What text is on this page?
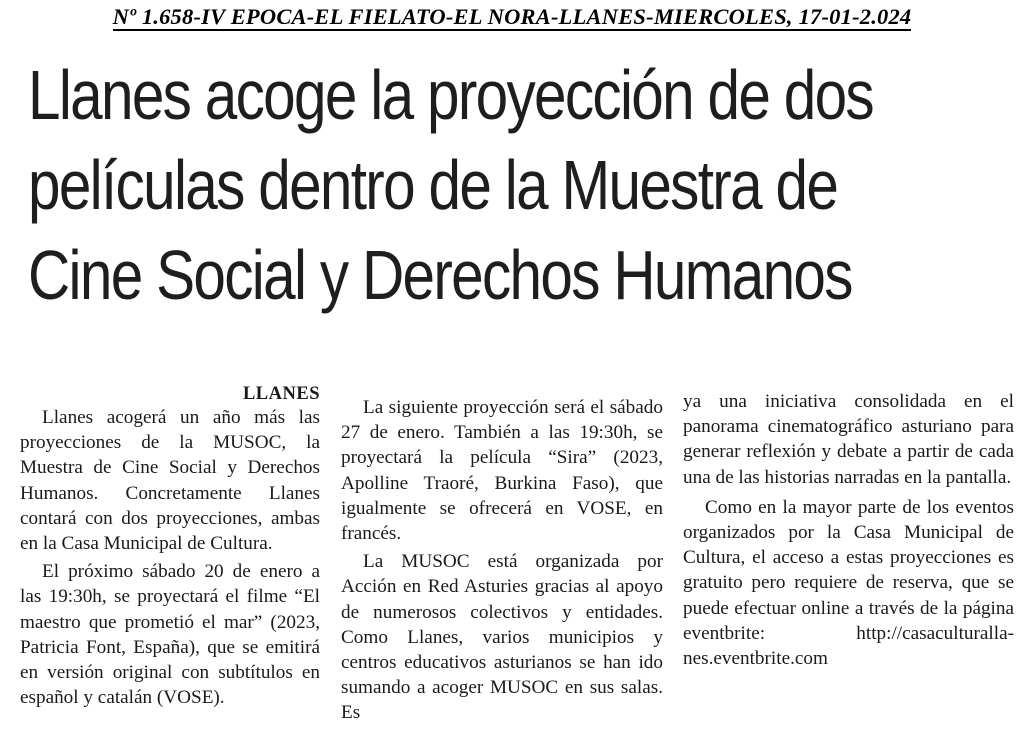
Nº 1.658-IV EPOCA-EL FIELATO-EL NORA-LLANES-MIERCOLES, 17-01-2.024
Llanes acoge la proyección de dos
películas dentro de la Muestra de
Cine Social y Derechos Humanos
LLANES

Llanes acogerá un año más las proyecciones de la MUSOC, la Muestra de Cine Social y Derechos Humanos. Concretamente Llanes contará con dos proyecciones, ambas en la Casa Municipal de Cultura.

El próximo sábado 20 de enero a las 19:30h, se proyectará el filme “El maestro que prometió el mar” (2023, Patricia Font, España), que se emitirá en versión original con subtítulos en español y catalán (VOSE).

La siguiente proyección será el sábado 27 de enero. También a las 19:30h, se proyectará la película “Sira” (2023, Apolline Traoré, Burkina Faso), que igualmente se ofrecerá en VOSE, en francés.

La MUSOC está organizada por Acción en Red Asturies gracias al apoyo de numerosos colectivos y entidades. Como Llanes, varios municipios y centros educativos asturianos se han ido sumando a acoger MUSOC en sus salas. Es

ya una iniciativa consolidada en el panorama cinematográfico asturiano para generar reflexión y debate a partir de cada una de las historias narradas en la pantalla.

Como en la mayor parte de los eventos organizados por la Casa Municipal de Cultura, el acceso a estas proyecciones es gratuito pero requiere de reserva, que se puede efectuar online a través de la página eventbrite: http://casaculturallanes.eventbrite.com
